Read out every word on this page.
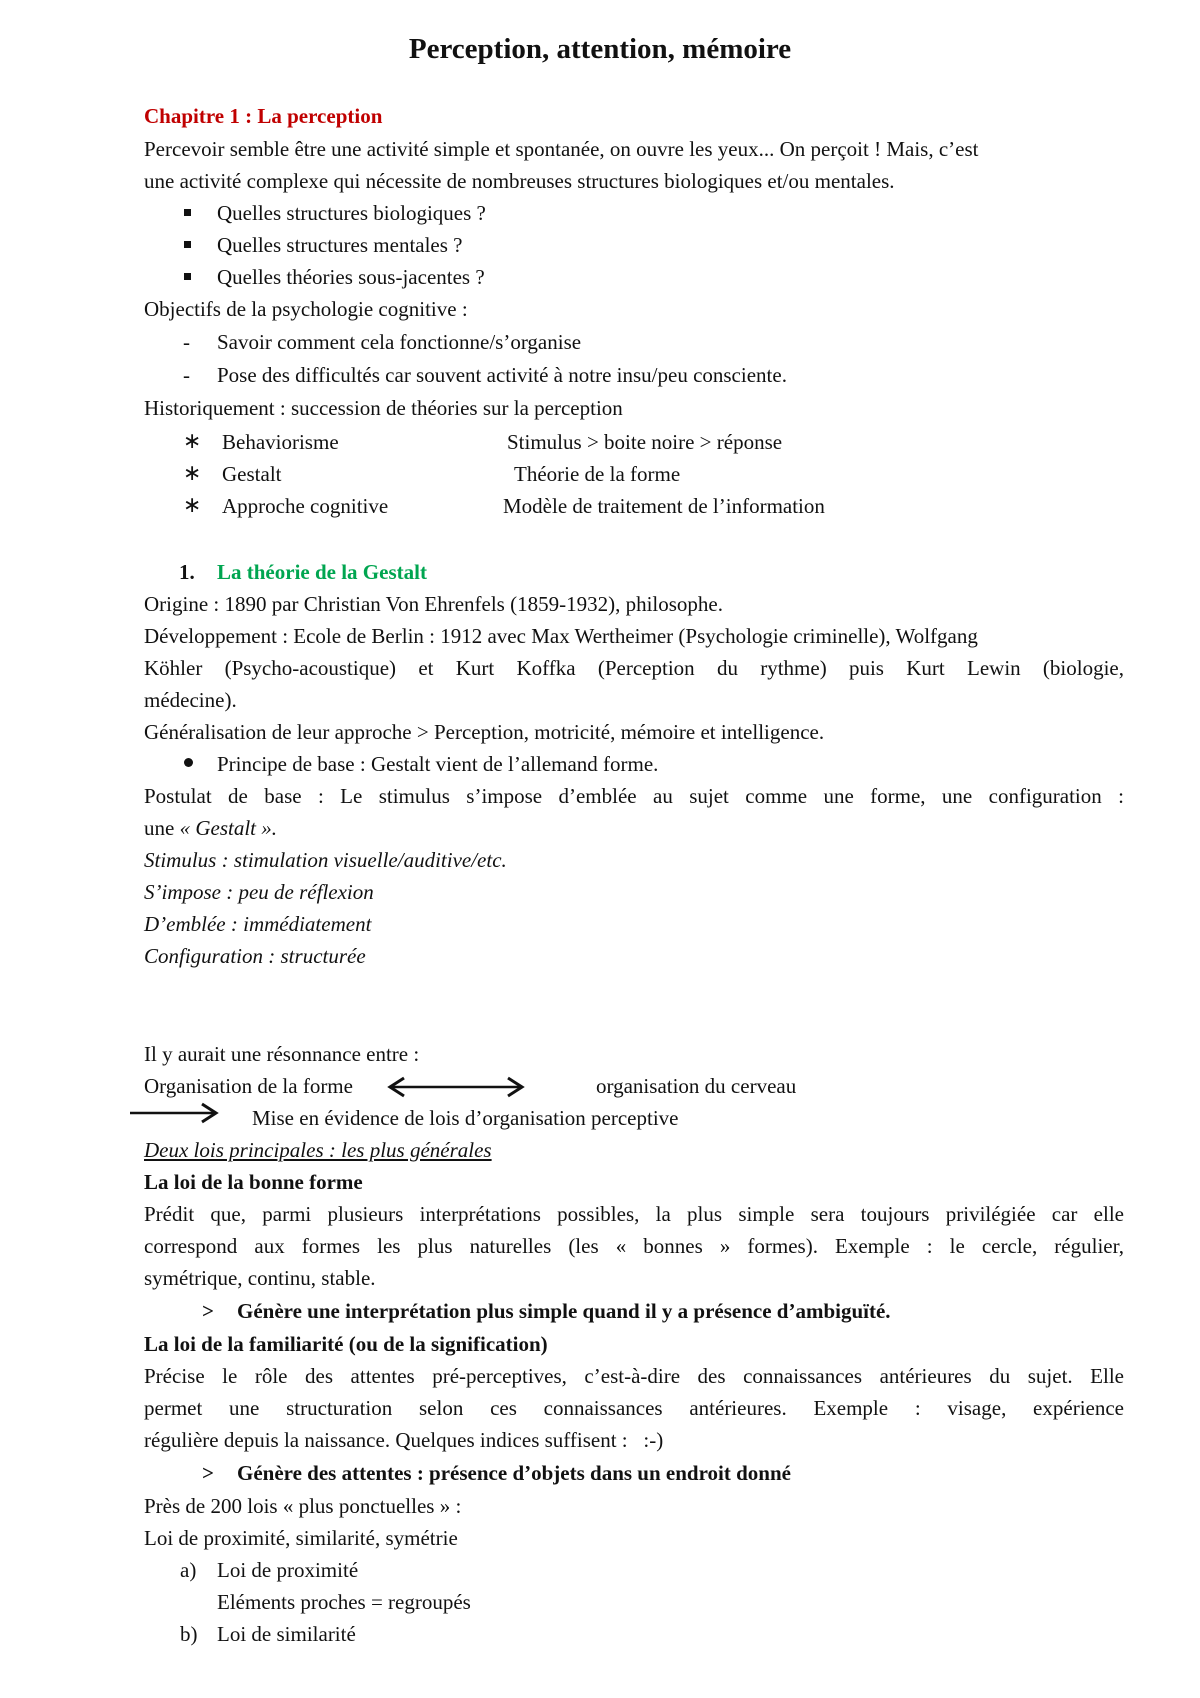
Perception, attention, mémoire
Chapitre 1 : La perception
Percevoir semble être une activité simple et spontanée, on ouvre les yeux... On perçoit ! Mais, c’est
une activité complexe qui nécessite de nombreuses structures biologiques et/ou mentales.
Quelles structures biologiques ?
Quelles structures mentales ?
Quelles théories sous-jacentes ?
Objectifs de la psychologie cognitive :
- Savoir comment cela fonctionne/s’organise
- Pose des difficultés car souvent activité à notre insu/peu consciente.
Historiquement : succession de théories sur la perception
∗ Behaviorisme	Stimulus > boite noire > réponse
∗ Gestalt	Théorie de la forme
∗ Approche cognitive	Modèle de traitement de l’information
1. La théorie de la Gestalt
Origine : 1890 par Christian Von Ehrenfels (1859-1932), philosophe.
Développement : Ecole de Berlin : 1912 avec Max Wertheimer (Psychologie criminelle), Wolfgang
Köhler (Psycho-acoustique) et Kurt Koffka (Perception du rythme) puis Kurt Lewin (biologie,
médecine).
Généralisation de leur approche > Perception, motricité, mémoire et intelligence.
Principe de base : Gestalt vient de l’allemand forme.
Postulat de base : Le stimulus s’impose d’emblée au sujet comme une forme, une configuration :
une « Gestalt ».
Stimulus : stimulation visuelle/auditive/etc.
S’impose : peu de réflexion
D’emblée : immédiatement
Configuration : structurée
Il y aurait une résonnance entre :
Organisation de la forme	organisation du cerveau
Mise en évidence de lois d’organisation perceptive
Deux lois principales : les plus générales
La loi de la bonne forme
Prédit que, parmi plusieurs interprétations possibles, la plus simple sera toujours privilégiée car elle
correspond aux formes les plus naturelles (les « bonnes » formes). Exemple : le cercle, régulier,
symétrique, continu, stable.
> Génère une interprétation plus simple quand il y a présence d’ambiguïté.
La loi de la familiarité (ou de la signification)
Précise le rôle des attentes pré-perceptives, c’est-à-dire des connaissances antérieures du sujet. Elle
permet une structuration selon ces connaissances antérieures. Exemple : visage, expérience
régulière depuis la naissance. Quelques indices suffisent :   :-)
> Génère des attentes : présence d’objets dans un endroit donné
Près de 200 lois « plus ponctuelles » :
Loi de proximité, similarité, symétrie
a) Loi de proximité
Eléments proches = regroupés
b) Loi de similarité
